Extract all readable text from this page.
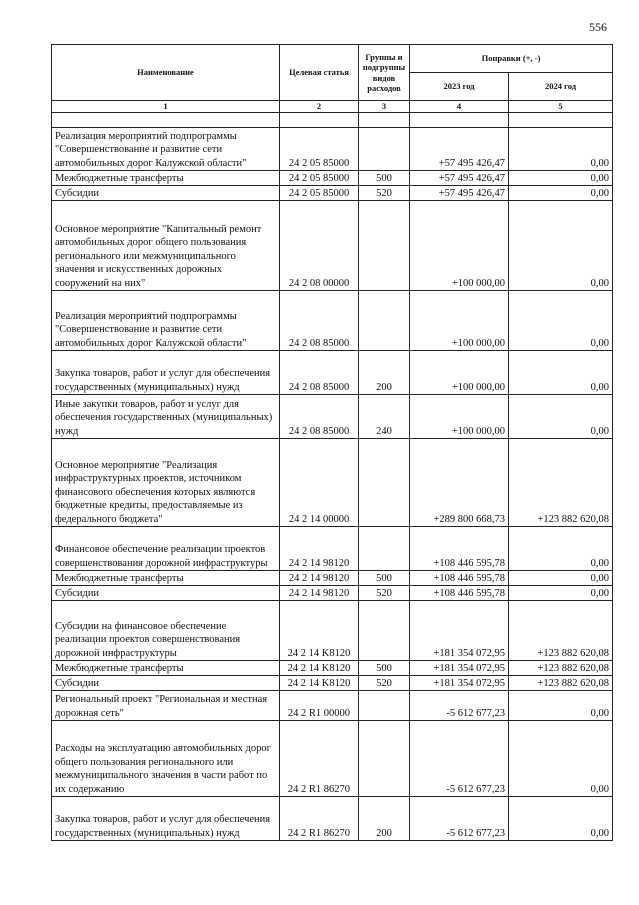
556
Наименование	Целевая статья	Группы и подгруппы видов расходов	Поправки (+, -)	
			2023 год	2024 год
1	2	3	4	5

Реализация мероприятий подпрограммы "Совершенствование и развитие сети автомобильных дорог Калужской области"	24 2 05 85000		+57 495 426,47	0,00
Межбюджетные трансферты	24 2 05 85000	500	+57 495 426,47	0,00
Субсидии	24 2 05 85000	520	+57 495 426,47	0,00
Основное мероприятие "Капитальный ремонт автомобильных дорог общего пользования регионального или межмуниципального значения и искусственных дорожных сооружений на них"	24 2 08 00000		+100 000,00	0,00
Реализация мероприятий подпрограммы "Совершенствование и развитие сети автомобильных дорог Калужской области"	24 2 08 85000		+100 000,00	0,00
Закупка товаров, работ и услуг для обеспечения государственных (муниципальных) нужд	24 2 08 85000	200	+100 000,00	0,00
Иные закупки товаров, работ и услуг для обеспечения государственных (муниципальных) нужд	24 2 08 85000	240	+100 000,00	0,00
Основное мероприятие "Реализация инфраструктурных проектов, источником финансового обеспечения которых являются бюджетные кредиты, предоставляемые из федерального бюджета"	24 2 14 00000		+289 800 668,73	+123 882 620,08
Финансовое обеспечение реализации проектов совершенствования дорожной инфраструктуры	24 2 14 98120		+108 446 595,78	0,00
Межбюджетные трансферты	24 2 14 98120	500	+108 446 595,78	0,00
Субсидии	24 2 14 98120	520	+108 446 595,78	0,00
Субсидии на финансовое обеспечение реализации проектов совершенствования дорожной инфраструктуры	24 2 14 K8120		+181 354 072,95	+123 882 620,08
Межбюджетные трансферты	24 2 14 K8120	500	+181 354 072,95	+123 882 620,08
Субсидии	24 2 14 K8120	520	+181 354 072,95	+123 882 620,08
Региональный проект "Региональная и местная дорожная сеть"	24 2 R1 00000		-5 612 677,23	0,00
Расходы на эксплуатацию автомобильных дорог общего пользования регионального или межмуниципального значения в части работ по их содержанию	24 2 R1 86270		-5 612 677,23	0,00
Закупка товаров, работ и услуг для обеспечения государственных (муниципальных) нужд	24 2 R1 86270	200	-5 612 677,23	0,00
